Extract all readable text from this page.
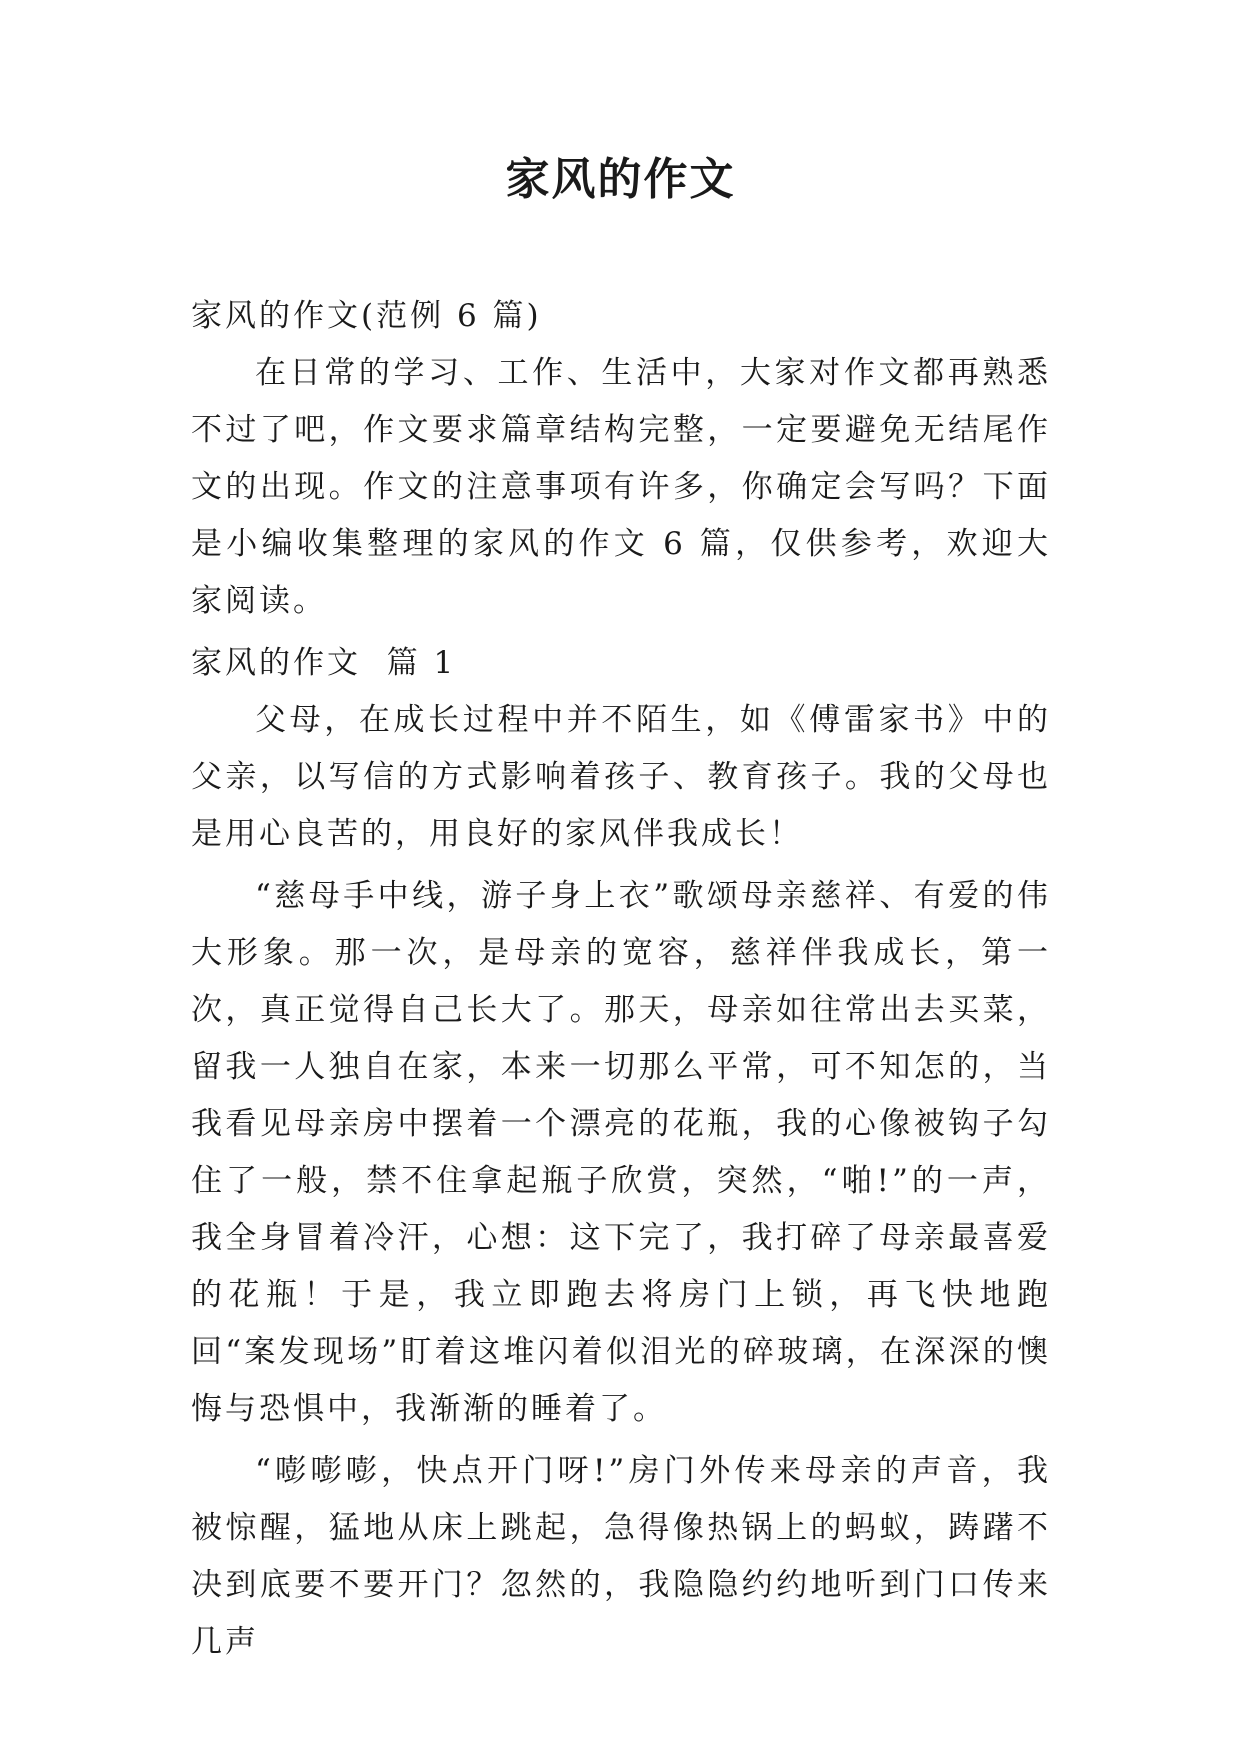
家风的作文

家风的作文(范例 6 篇)

在日常的学习、工作、生活中，大家对作文都再熟悉不过了吧，作文要求篇章结构完整，一定要避免无结尾作文的出现。作文的注意事项有许多，你确定会写吗？下面是小编收集整理的家风的作文 6 篇，仅供参考，欢迎大家阅读。

家风的作文  篇 1

父母，在成长过程中并不陌生，如《傅雷家书》中的父亲，以写信的方式影响着孩子、教育孩子。我的父母也是用心良苦的，用良好的家风伴我成长！

“慈母手中线，游子身上衣”歌颂母亲慈祥、有爱的伟大形象。那一次，是母亲的宽容，慈祥伴我成长，第一次，真正觉得自己长大了。那天，母亲如往常出去买菜，留我一人独自在家，本来一切那么平常，可不知怎的，当我看见母亲房中摆着一个漂亮的花瓶，我的心像被钩子勾住了一般，禁不住拿起瓶子欣赏，突然，“啪!”的一声，我全身冒着冷汗，心想：这下完了，我打碎了母亲最喜爱的花瓶！于是，我立即跑去将房门上锁，再飞快地跑回“案发现场”盯着这堆闪着似泪光的碎玻璃，在深深的懊悔与恐惧中，我渐渐的睡着了。

“嘭嘭嘭，快点开门呀!”房门外传来母亲的声音，我被惊醒，猛地从床上跳起，急得像热锅上的蚂蚁，踌躇不决到底要不要开门？忽然的，我隐隐约约地听到门口传来几声
